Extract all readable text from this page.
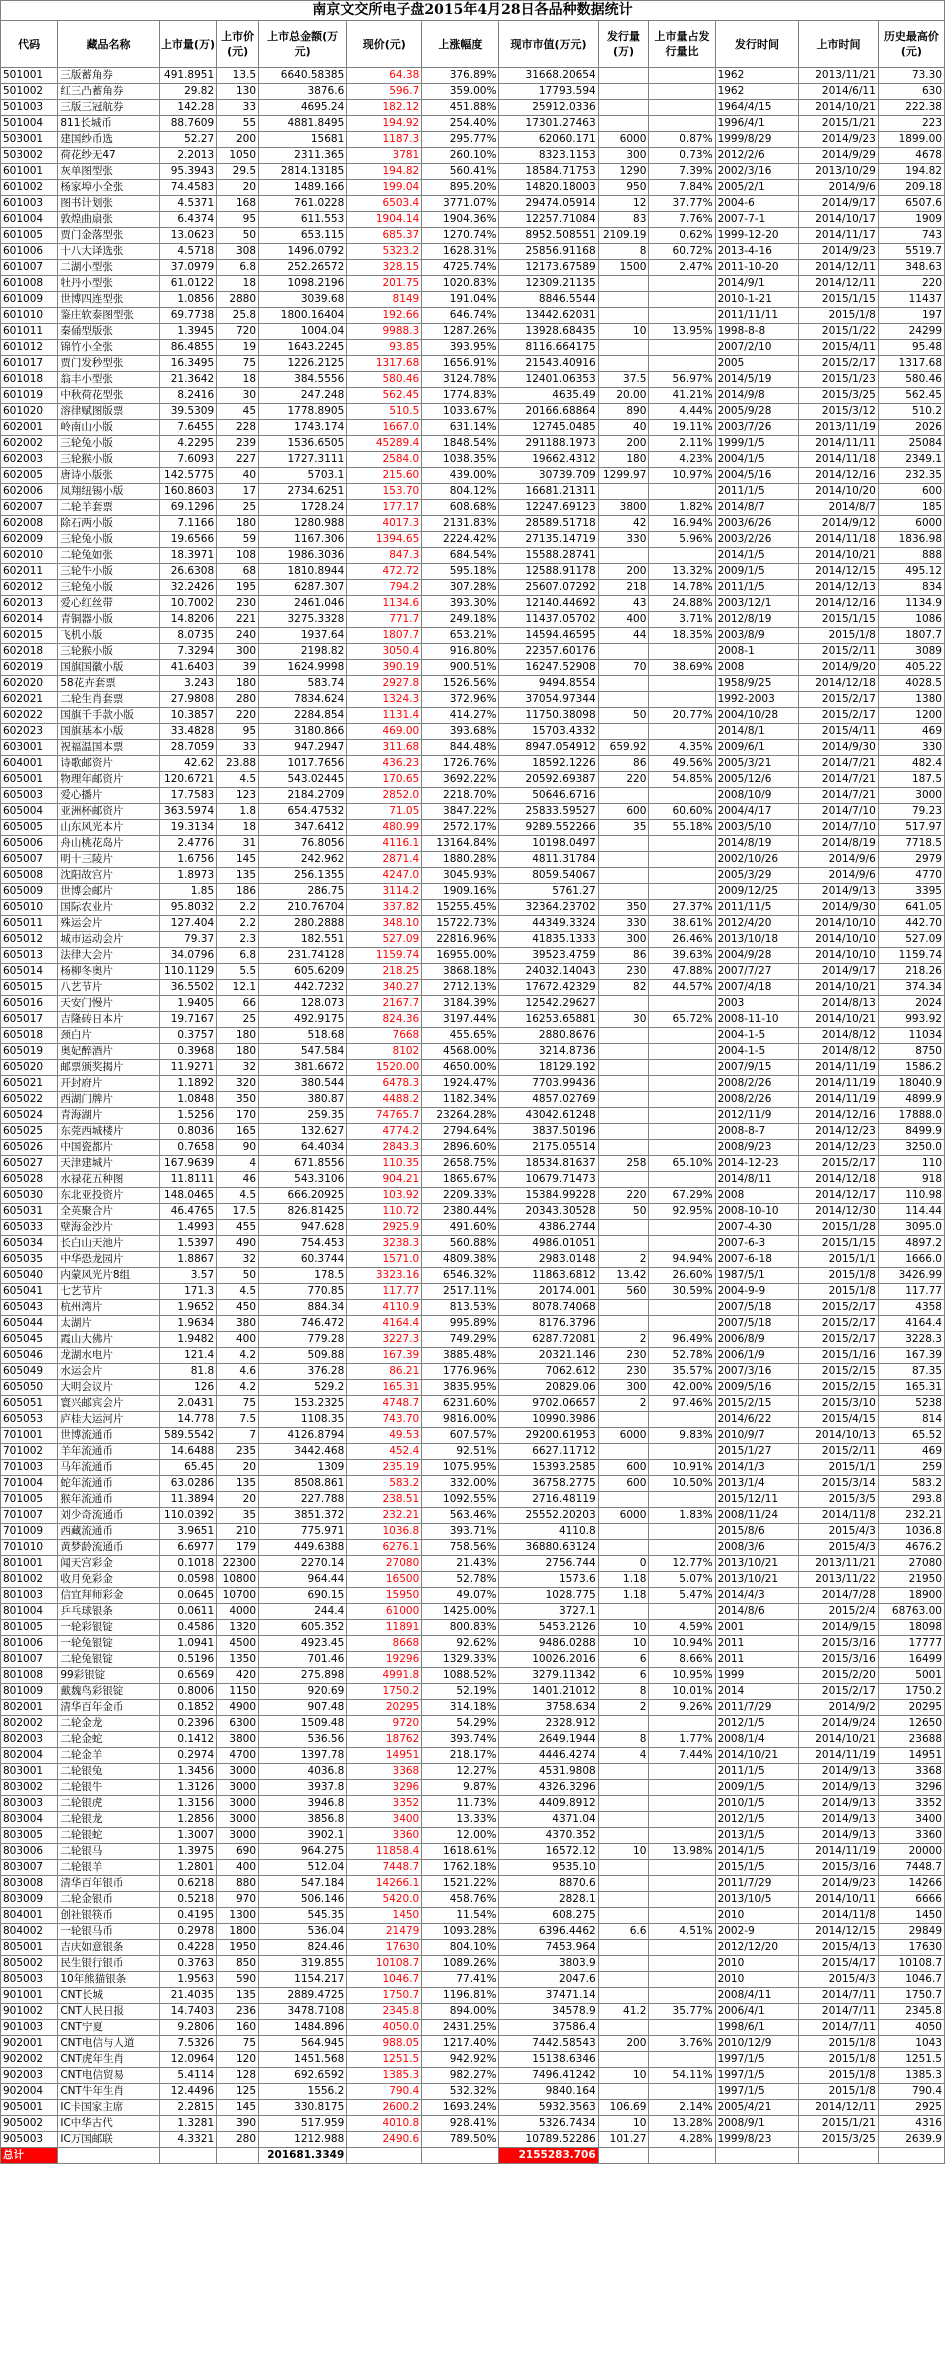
南京文交所电子盘2015年4月28日各品种数据统计
代码	藏品名称	上市量(万)	上市价(元)	上市总金额(万元)	现价(元)	上涨幅度	现市市值(万元)	发行量(万)	上市量占发行量比	发行时间	上市时间	历史最高价(元)
501001	三版蓄角券	491.8951	13.5	6640.58385	64.38	376.89%	31668.20654			1962	2013/11/21	73.30
501002	红三凸蓄角券	29.82	130	3876.6	596.7	359.00%	17793.594			1962	2014/6/11	630
501003	三版三冠航券	142.28	33	4695.24	182.12	451.88%	25912.0336			1964/4/15	2014/10/21	222.38
501004	811长城币	88.7609	55	4881.8495	194.92	254.40%	17301.27463			1996/4/1	2015/1/21	223
503001	建国纱币选	52.27	200	15681	1187.3	295.77%	62060.171	6000	0.87%	1999/8/29	2014/9/23	1899.00
503002	荷花纱无47	2.2013	1050	2311.365	3781	260.10%	8323.1153	300	0.73%	2012/2/6	2014/9/29	4678
601001	灰单图型张	95.3943	29.5	2814.13185	194.82	560.41%	18584.71753	1290	7.39%	2002/3/16	2013/10/29	194.82
601002	杨家埠小全张	74.4583	20	1489.166	199.04	895.20%	14820.18003	950	7.84%	2005/2/1	2014/9/6	209.18
601003	图书计划张	4.5371	168	761.0228	6503.4	3771.07%	29474.05914	12	37.77%	2004-6	2014/9/17	6507.6
601004	敦煌曲扇张	6.4374	95	611.553	1904.14	1904.36%	12257.71084	83	7.76%	2007-7-1	2014/10/17	1909
601005	贾门金落型张	13.0623	50	653.115	685.37	1270.74%	8952.508551	2109.19	0.62%	1999-12-20	2014/11/17	743
601006	十八大译选张	4.5718	308	1496.0792	5323.2	1628.31%	25856.91168	8	60.72%	2013-4-16	2014/9/23	5519.7
601007	二湖小型张	37.0979	6.8	252.26572	328.15	4725.74%	12173.67589	1500	2.47%	2011-10-20	2014/12/11	348.63
601008	牡丹小型张	61.0122	18	1098.2196	201.75	1020.83%	12309.21135			2014/9/1	2014/12/11	220
601009	世博四连型张	1.0856	2880	3039.68	8149	191.04%	8846.5544			2010-1-21	2015/1/15	11437
601010	鉴庄软泰图型张	69.7738	25.8	1800.16404	192.66	646.74%	13442.62031			2011/11/11	2015/1/8	197
601011	秦俑型版张	1.3945	720	1004.04	9988.3	1287.26%	13928.68435	10	13.95%	1998-8-8	2015/1/22	24299
601012	锦竹小全张	86.4855	19	1643.2245	93.85	393.95%	8116.664175			2007/2/10	2015/4/11	95.48
601017	贾门发秒型张	16.3495	75	1226.2125	1317.68	1656.91%	21543.40916			2005	2015/2/17	1317.68
601018	翁丰小型张	21.3642	18	384.5556	580.46	3124.78%	12401.06353	37.5	56.97%	2014/5/19	2015/1/23	580.46
601019	中秋荷花型张	8.2416	30	247.248	562.45	1774.83%	4635.49	20.00	41.21%	2014/9/8	2015/3/25	562.45
601020	溶律赋图版票	39.5309	45	1778.8905	510.5	1033.67%	20166.68864	890	4.44%	2005/9/28	2015/3/12	510.2
602001	岭南山小版	7.6455	228	1743.174	1667.0	631.14%	12745.0485	40	19.11%	2003/7/26	2013/11/19	2026
602002	三轮兔小版	4.2295	239	1536.6505	45289.4	1848.54%	291188.1973	200	2.11%	1999/1/5	2014/11/11	25084
602003	三轮猴小版	7.6093	227	1727.3111	2584.0	1038.35%	19662.4312	180	4.23%	2004/1/5	2014/11/18	2349.1
602005	唐诗小版张	142.5775	40	5703.1	215.60	439.00%	30739.709	1299.97	10.97%	2004/5/16	2014/12/16	232.35
602006	凤翔纽锡小版	160.8603	17	2734.6251	153.70	804.12%	16681.21311			2011/1/5	2014/10/20	600
602007	二轮羊套票	69.1296	25	1728.24	177.17	608.68%	12247.69123	3800	1.82%	2014/8/7	2014/8/7	185
602008	除石两小版	7.1166	180	1280.988	4017.3	2131.83%	28589.51718	42	16.94%	2003/6/26	2014/9/12	6000
602009	三轮兔小版	19.6566	59	1167.306	1394.65	2224.42%	27135.14719	330	5.96%	2003/2/26	2014/11/18	1836.98
602010	二轮兔如张	18.3971	108	1986.3036	847.3	684.54%	15588.28741			2014/1/5	2014/10/21	888
602011	三轮牛小版	26.6308	68	1810.8944	472.72	595.18%	12588.91178	200	13.32%	2009/1/5	2014/12/15	495.12
602012	三轮兔小版	32.2426	195	6287.307	794.2	307.28%	25607.07292	218	14.78%	2011/1/5	2014/12/13	834
602013	爱心红丝带	10.7002	230	2461.046	1134.6	393.30%	12140.44692	43	24.88%	2003/12/1	2014/12/16	1134.9
602014	青铜器小版	14.8206	221	3275.3328	771.7	249.18%	11437.05702	400	3.71%	2012/8/19	2015/1/15	1086
602015	飞机小版	8.0735	240	1937.64	1807.7	653.21%	14594.46595	44	18.35%	2003/8/9	2015/1/8	1807.7
602018	三轮猴小版	7.3294	300	2198.82	3050.4	916.80%	22357.60176			2008-1	2015/2/11	3089
602019	国旗国徽小版	41.6403	39	1624.9998	390.19	900.51%	16247.52908	70	38.69%	2008	2014/9/20	405.22
602020	58花卉套票	3.243	180	583.74	2927.8	1526.56%	9494.8554			1958/9/25	2014/12/18	4028.5
602021	二轮生肖套票	27.9808	280	7834.624	1324.3	372.96%	37054.97344			1992-2003	2015/2/17	1380
602022	国旗千手款小版	10.3857	220	2284.854	1131.4	414.27%	11750.38098	50	20.77%	2004/10/28	2015/2/17	1200
602023	国旗基本小版	33.4828	95	3180.866	469.00	393.68%	15703.4332			2014/8/1	2015/4/11	469
603001	祝福温国本票	28.7059	33	947.2947	311.68	844.48%	8947.054912	659.92	4.35%	2009/6/1	2014/9/30	330
604001	诗歌邮资片	42.62	23.88	1017.7656	436.23	1726.76%	18592.1226	86	49.56%	2005/3/21	2014/7/21	482.4
605001	物理年邮资片	120.6721	4.5	543.02445	170.65	3692.22%	20592.69387	220	54.85%	2005/12/6	2014/7/21	187.5
605003	爱心播片	17.7583	123	2184.2709	2852.0	2218.70%	50646.6716			2008/10/9	2014/7/21	3000
605004	亚洲杯邮资片	363.5974	1.8	654.47532	71.05	3847.22%	25833.59527	600	60.60%	2004/4/17	2014/7/10	79.23
605005	山东风光本片	19.3134	18	347.6412	480.99	2572.17%	9289.552266	35	55.18%	2003/5/10	2014/7/10	517.97
605006	舟山桃花岛片	2.4776	31	76.8056	4116.1	13164.84%	10198.0497			2014/8/19	2014/8/19	7718.5
605007	明十三陵片	1.6756	145	242.962	2871.4	1880.28%	4811.31784			2002/10/26	2014/9/6	2979
605008	沈阳故宫片	1.8973	135	256.1355	4247.0	3045.93%	8059.54067			2005/3/29	2014/9/6	4770
605009	世博会邮片	1.85	186	286.75	3114.2	1909.16%	5761.27			2009/12/25	2014/9/13	3395
605010	国际农业片	95.8032	2.2	210.76704	337.82	15255.45%	32364.23702	350	27.37%	2011/11/5	2014/9/30	641.05
605011	殊运会片	127.404	2.2	280.2888	348.10	15722.73%	44349.3324	330	38.61%	2012/4/20	2014/10/10	442.70
605012	城市运动会片	79.37	2.3	182.551	527.09	22816.96%	41835.1333	300	26.46%	2013/10/18	2014/10/10	527.09
605013	法律大会片	34.0796	6.8	231.74128	1159.74	16955.00%	39523.4759	86	39.63%	2004/9/28	2014/10/10	1159.74
605014	杨柳冬奥片	110.1129	5.5	605.6209	218.25	3868.18%	24032.14043	230	47.88%	2007/7/27	2014/9/17	218.26
605015	八艺节片	36.5502	12.1	442.7232	340.27	2712.13%	17672.42329	82	44.57%	2007/4/18	2014/10/21	374.34
605016	天安门慢片	1.9405	66	128.073	2167.7	3184.39%	12542.29627			2003	2014/8/13	2024
605017	吉隆砖日本片	19.7167	25	492.9175	824.36	3197.44%	16253.65881	30	65.72%	2008-11-10	2014/10/21	993.92
605018	颈白片	0.3757	180	518.68	7668	455.65%	2880.8676			2004-1-5	2014/8/12	11034
605019	奥妃醉酒片	0.3968	180	547.584	8102	4568.00%	3214.8736			2004-1-5	2014/8/12	8750
605020	邮票颁奖揭片	11.9271	32	381.6672	1520.00	4650.00%	18129.192			2007/9/15	2014/11/19	1586.2
605021	开封府片	1.1892	320	380.544	6478.3	1924.47%	7703.99436			2008/2/26	2014/11/19	18040.9
605022	西湖门牌片	1.0848	350	380.87	4488.2	1182.34%	4857.02769			2008/2/26	2014/11/19	4899.9
605024	青海湖片	1.5256	170	259.35	74765.7	23264.28%	43042.61248			2012/11/9	2014/12/16	17888.0
605025	东莞西城楼片	0.8036	165	132.627	4774.2	2794.64%	3837.50196			2008-8-7	2014/12/23	8499.9
605026	中国瓷都片	0.7658	90	64.4034	2843.3	2896.60%	2175.05514			2008/9/23	2014/12/23	3250.0
605027	天津建城片	167.9639	4	671.8556	110.35	2658.75%	18534.81637	258	65.10%	2014-12-23	2015/2/17	110
605028	水禄花五种图	11.8111	46	543.3106	904.21	1865.67%	10679.71473			2014/8/11	2014/12/18	918
605030	东北亚投资片	148.0465	4.5	666.20925	103.92	2209.33%	15384.99228	220	67.29%	2008	2014/12/17	110.98
605031	全英聚合片	46.4765	17.5	826.81425	110.72	2380.44%	20343.30528	50	92.95%	2008-10-10	2014/12/30	114.44
605033	壁海金沙片	1.4993	455	947.628	2925.9	491.60%	4386.2744			2007-4-30	2015/1/28	3095.0
605034	长白山天池片	1.5397	490	754.453	3238.3	560.88%	4986.01051			2007-6-3	2015/1/15	4897.2
605035	中华恐龙园片	1.8867	32	60.3744	1571.0	4809.38%	2983.0148	2	94.94%	2007-6-18	2015/1/1	1666.0
605040	内蒙风光片8组	3.57	50	178.5	3323.16	6546.32%	11863.6812	13.42	26.60%	1987/5/1	2015/1/8	3426.99
605041	七艺节片	171.3	4.5	770.85	117.77	2517.11%	20174.001	560	30.59%	2004-9-9	2015/1/8	117.77
605043	杭州湾片	1.9652	450	884.34	4110.9	813.53%	8078.74068			2007/5/18	2015/2/17	4358
605044	太湖片	1.9634	380	746.472	4164.4	995.89%	8176.3796			2007/5/18	2015/2/17	4164.4
605045	霞山大佛片	1.9482	400	779.28	3227.3	749.29%	6287.72081	2	96.49%	2006/8/9	2015/2/17	3228.3
605046	龙湖水电片	121.4	4.2	509.88	167.39	3885.48%	20321.146	230	52.78%	2006/1/9	2015/1/16	167.39
605049	水运会片	81.8	4.6	376.28	86.21	1776.96%	7062.612	230	35.57%	2007/3/16	2015/2/15	87.35
605050	大明会议片	126	4.2	529.2	165.31	3835.95%	20829.06	300	42.00%	2009/5/16	2015/2/15	165.31
605051	寰兴邮宾会片	2.0431	75	153.2325	4748.7	6231.60%	9702.06657	2	97.46%	2015/2/15	2015/3/10	5238
605053	庐桂大运河片	14.778	7.5	1108.35	743.70	9816.00%	10990.3986			2014/6/22	2015/4/15	814
701001	世博流通币	589.5542	7	4126.8794	49.53	607.57%	29200.61953	6000	9.83%	2010/9/7	2014/10/13	65.52
701002	羊年流通币	14.6488	235	3442.468	452.4	92.51%	6627.11712			2015/1/27	2015/2/11	469
701003	马年流通币	65.45	20	1309	235.19	1075.95%	15393.2585	600	10.91%	2014/1/3	2015/1/1	259
701004	蛇年流通币	63.0286	135	8508.861	583.2	332.00%	36758.2775	600	10.50%	2013/1/4	2015/3/14	583.2
701005	猴年流通币	11.3894	20	227.788	238.51	1092.55%	2716.48119			2015/12/11	2015/3/5	293.8
701007	刘少奇流通币	110.0392	35	3851.372	232.21	563.46%	25552.20203	6000	1.83%	2008/11/24	2014/11/8	232.21
701009	西藏流通币	3.9651	210	775.971	1036.8	393.71%	4110.8			2015/8/6	2015/4/3	1036.8
701010	黄梦龄流通币	6.6977	179	449.6388	6276.1	758.56%	36880.63124			2008/3/6	2015/4/3	4676.2
801001	闻天宫彩金	0.1018	22300	2270.14	27080	21.43%	2756.744	0	12.77%	2013/10/21	2013/11/21	27080
801002	收月免彩金	0.0598	10800	964.44	16500	52.78%	1573.6	1.18	5.07%	2013/10/21	2013/11/22	21950
801003	信宜拜师彩金	0.0645	10700	690.15	15950	49.07%	1028.775	1.18	5.47%	2014/4/3	2014/7/28	18900
801004	乒乓球银条	0.0611	4000	244.4	61000	1425.00%	3727.1			2014/8/6	2015/2/4	68763.00
801005	一轮彩银锭	0.4586	1320	605.352	11891	800.83%	5453.2126	10	4.59%	2001	2014/9/15	18098
801006	一轮兔银锭	1.0941	4500	4923.45	8668	92.62%	9486.0288	10	10.94%	2011	2015/3/16	17777
801007	二轮兔银锭	0.5196	1350	701.46	19296	1329.33%	10026.2016	6	8.66%	2011	2015/3/16	16499
801008	99彩银锭	0.6569	420	275.898	4991.8	1088.52%	3279.11342	6	10.95%	1999	2015/2/20	5001
801009	戴魏鸟彩银锭	0.8006	1150	920.69	1750.2	52.19%	1401.21012	8	10.01%	2014	2015/2/17	1750.2
802001	清华百年金币	0.1852	4900	907.48	20295	314.18%	3758.634	2	9.26%	2011/7/29	2014/9/2	20295
802002	二轮金龙	0.2396	6300	1509.48	9720	54.29%	2328.912			2012/1/5	2014/9/24	12650
802003	二轮金蛇	0.1412	3800	536.56	18762	393.74%	2649.1944	8	1.77%	2008/1/4	2014/10/21	23688
802004	二轮金羊	0.2974	4700	1397.78	14951	218.17%	4446.4274	4	7.44%	2014/10/21	2014/11/19	14951
803001	二轮银兔	1.3456	3000	4036.8	3368	12.27%	4531.9808			2011/1/5	2014/9/13	3368
803002	二轮银牛	1.3126	3000	3937.8	3296	9.87%	4326.3296			2009/1/5	2014/9/13	3296
803003	二轮银虎	1.3156	3000	3946.8	3352	11.73%	4409.8912			2010/1/5	2014/9/13	3352
803004	二轮银龙	1.2856	3000	3856.8	3400	13.33%	4371.04			2012/1/5	2014/9/13	3400
803005	二轮银蛇	1.3007	3000	3902.1	3360	12.00%	4370.352			2013/1/5	2014/9/13	3360
803006	二轮银马	1.3975	690	964.275	11858.4	1618.61%	16572.12	10	13.98%	2014/1/5	2014/11/19	20000
803007	二轮银羊	1.2801	400	512.04	7448.7	1762.18%	9535.10			2015/1/5	2015/3/16	7448.7
803008	清华百年银币	0.6218	880	547.184	14266.1	1521.22%	8870.6			2011/7/29	2014/9/23	14266
803009	二轮金银币	0.5218	970	506.146	5420.0	458.76%	2828.1			2013/10/5	2014/10/11	6666
804001	创社银筷币	0.4195	1300	545.35	1450	11.54%	608.275			2010	2014/11/8	1450
804002	一轮银马币	0.2978	1800	536.04	21479	1093.28%	6396.4462	6.6	4.51%	2002-9	2014/12/15	29849
805001	吉庆如意银条	0.4228	1950	824.46	17630	804.10%	7453.964			2012/12/20	2015/4/13	17630
805002	民生银行银币	0.3763	850	319.855	10108.7	1089.26%	3803.9			2010	2015/4/17	10108.7
805003	10年熊猫银条	1.9563	590	1154.217	1046.7	77.41%	2047.6			2010	2015/4/3	1046.7
901001	CNT长城	21.4035	135	2889.4725	1750.7	1196.81%	37471.14			2008/4/11	2014/7/11	1750.7
901002	CNT人民日报	14.7403	236	3478.7108	2345.8	894.00%	34578.9	41.2	35.77%	2006/4/1	2014/7/11	2345.8
901003	CNT宁夏	9.2806	160	1484.896	4050.0	2431.25%	37586.4			1998/6/1	2014/7/11	4050
902001	CNT电信与人道	7.5326	75	564.945	988.05	1217.40%	7442.58543	200	3.76%	2010/12/9	2015/1/8	1043
902002	CNT虎年生肖	12.0964	120	1451.568	1251.5	942.92%	15138.6346			1997/1/5	2015/1/8	1251.5
902003	CNT电信贸易	5.4114	128	692.6592	1385.3	982.27%	7496.41242	10	54.11%	1997/1/5	2015/1/8	1385.3
902004	CNT牛年生肖	12.4496	125	1556.2	790.4	532.32%	9840.164			1997/1/5	2015/1/8	790.4
905001	IC卡国家主席	2.2815	145	330.8175	2600.2	1693.24%	5932.3563	106.69	2.14%	2005/4/21	2014/12/11	2925
905002	IC中华古代	1.3281	390	517.959	4010.8	928.41%	5326.7434	10	13.28%	2008/9/1	2015/1/21	4316
905003	IC万国邮联	4.3321	280	1212.988	2490.6	789.50%	10789.52286	101.27	4.28%	1999/8/23	2015/3/25	2639.9
总计				201681.3349			2155283.706					
